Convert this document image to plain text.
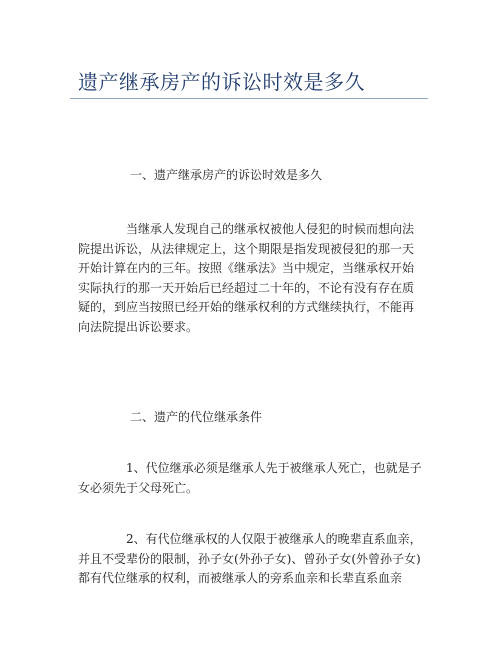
遗产继承房产的诉讼时效是多久

一、遗产继承房产的诉讼时效是多久

当继承人发现自己的继承权被他人侵犯的时候而想向法院提出诉讼，从法律规定上，这个期限是指发现被侵犯的那一天开始计算在内的三年。按照《继承法》当中规定，当继承权开始实际执行的那一天开始后已经超过二十年的，不论有没有存在质疑的，到应当按照已经开始的继承权利的方式继续执行，不能再向法院提出诉讼要求。

二、遗产的代位继承条件

1、代位继承必须是继承人先于被继承人死亡，也就是子女必须先于父母死亡。

2、有代位继承权的人仅限于被继承人的晚辈直系血亲，并且不受辈份的限制，孙子女(外孙子女)、曾孙子女(外曾孙子女)都有代位继承的权利，而被继承人的旁系血亲和长辈直系血亲
